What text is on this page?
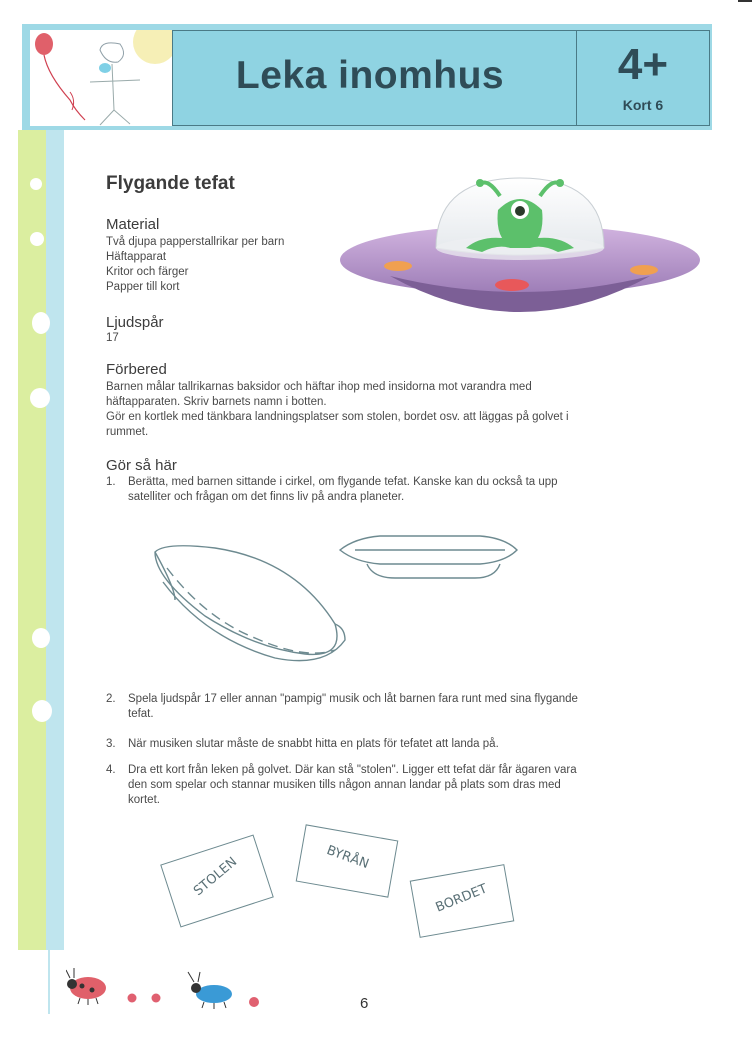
Leka inomhus	4+
Kort 6
Flygande tefat
Material
Två djupa papperstallrikar per barn
Häftapparat
Kritor och färger
Papper till kort
Ljudspår
17
Förbered
Barnen målar tallrikarnas baksidor och häftar ihop med insidorna mot varandra med
häftapparaten. Skriv barnets namn i botten.
Gör en kortlek med tänkbara landningsplatser som stolen, bordet osv. att läggas på golvet i
rummet.
Gör så här
1. Berätta, med barnen sittande i cirkel, om flygande tefat. Kanske kan du också ta upp
satelliter och frågan om det finns liv på andra planeter.
2. Spela ljudspår 17 eller annan "pampig" musik och låt barnen fara runt med sina flygande
tefat.
3. När musiken slutar måste de snabbt hitta en plats för tefatet att landa på.
4. Dra ett kort från leken på golvet. Där kan stå "stolen". Ligger ett tefat där får ägaren vara
den som spelar och stannar musiken tills någon annan landar på plats som dras med
kortet.
STOLEN	BYRÅN
BORDET
6
